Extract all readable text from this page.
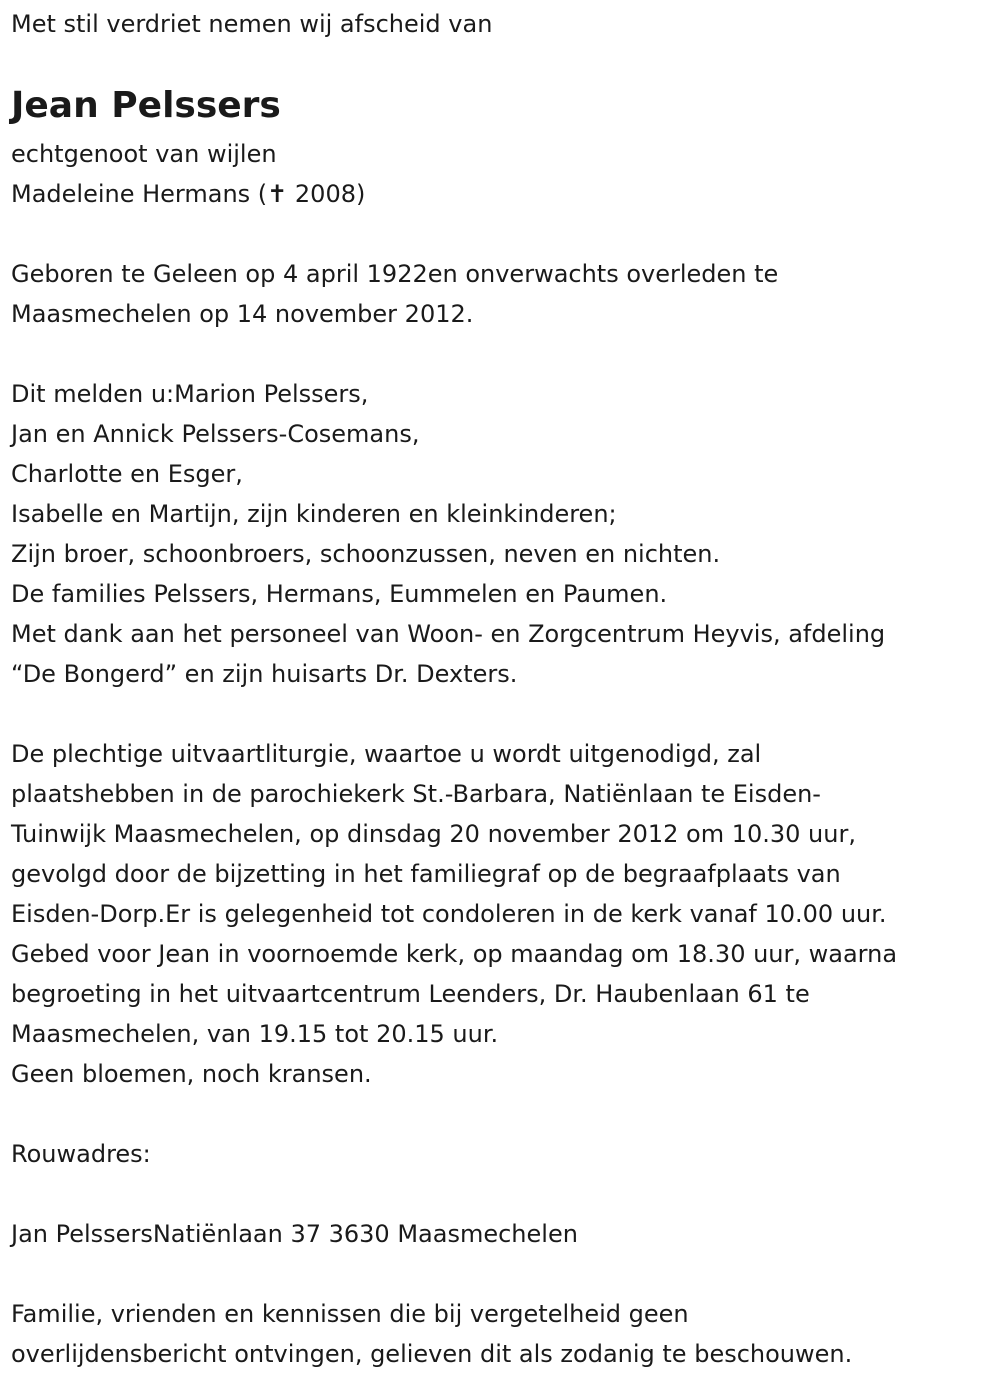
Met stil verdriet nemen wij afscheid van

Jean Pelssers

echtgenoot van wijlen

Madeleine Hermans (✝ 2008)

Geboren te Geleen op 4 april 1922en onverwachts overleden te

Maasmechelen op 14 november 2012.

Dit melden u:Marion Pelssers,

Jan en Annick Pelssers-Cosemans,

Charlotte en Esger,

Isabelle en Martijn, zijn kinderen en kleinkinderen;

Zijn broer, schoonbroers, schoonzussen, neven en nichten.

De families Pelssers, Hermans, Eummelen en Paumen.

Met dank aan het personeel van Woon- en Zorgcentrum Heyvis, afdeling

“De Bongerd” en zijn huisarts Dr. Dexters.

De plechtige uitvaartliturgie, waartoe u wordt uitgenodigd, zal

plaatshebben in de parochiekerk St.-Barbara, Natiënlaan te Eisden-

Tuinwijk Maasmechelen, op dinsdag 20 november 2012 om 10.30 uur,

gevolgd door de bijzetting in het familiegraf op de begraafplaats van

Eisden-Dorp.Er is gelegenheid tot condoleren in de kerk vanaf 10.00 uur.

Gebed voor Jean in voornoemde kerk, op maandag om 18.30 uur, waarna

begroeting in het uitvaartcentrum Leenders, Dr. Haubenlaan 61 te

Maasmechelen, van 19.15 tot 20.15 uur.

Geen bloemen, noch kransen.

Rouwadres:

Jan PelssersNatiënlaan 37 3630 Maasmechelen

Familie, vrienden en kennissen die bij vergetelheid geen

overlijdensbericht ontvingen, gelieven dit als zodanig te beschouwen.
